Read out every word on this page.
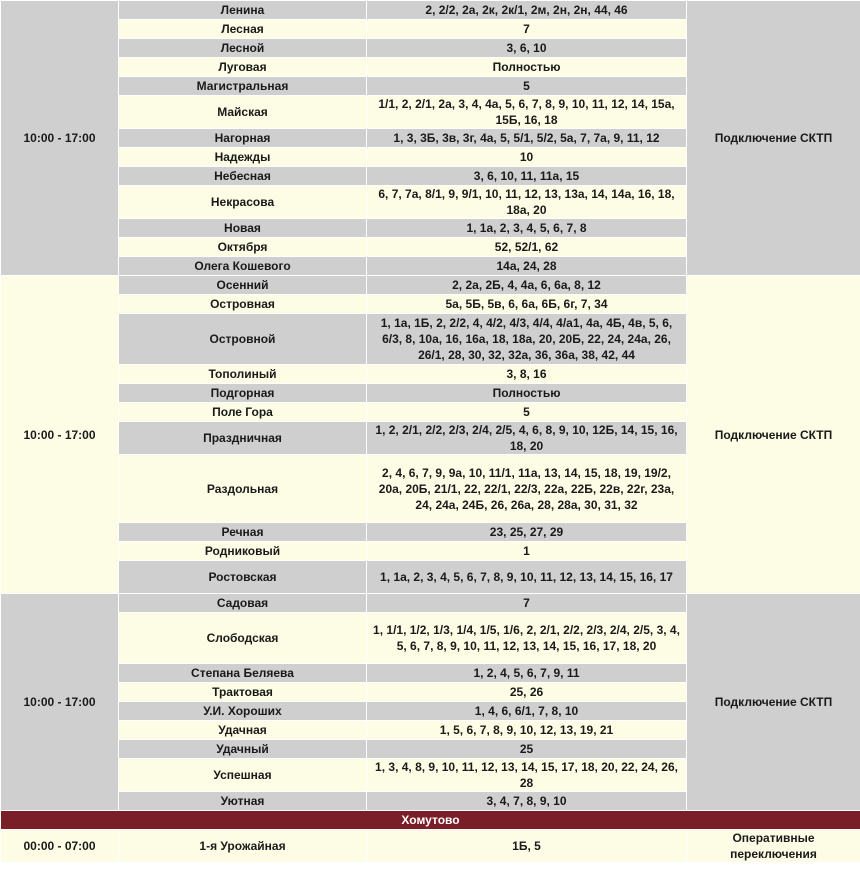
10:00 - 17:00	Ленина	2, 2/2, 2а, 2к, 2к/1, 2м, 2н, 2н, 44, 46	Подключение СКТП
	Лесная	7	
	Лесной	3, 6, 10	
	Луговая	Полностью	
	Магистральная	5	
	Майская	1/1, 2, 2/1, 2а, 3, 4, 4а, 5, 6, 7, 8, 9, 10, 11, 12, 14, 15а, 15Б, 16, 18	
	Нагорная	1, 3, 3Б, 3в, 3г, 4а, 5, 5/1, 5/2, 5а, 7, 7а, 9, 11, 12	
	Надежды	10	
	Небесная	3, 6, 10, 11, 11а, 15	
	Некрасова	6, 7, 7а, 8/1, 9, 9/1, 10, 11, 12, 13, 13а, 14, 14а, 16, 18, 18а, 20	
	Новая	1, 1а, 2, 3, 4, 5, 6, 7, 8	
	Октября	52, 52/1, 62	
	Олега Кошевого	14а, 24, 28	
10:00 - 17:00	Осенний	2, 2а, 2Б, 4, 4а, 6, 6а, 8, 12	Подключение СКТП
	Островная	5а, 5Б, 5в, 6, 6а, 6Б, 6г, 7, 34	
	Островной	1, 1а, 1Б, 2, 2/2, 4, 4/2, 4/3, 4/4, 4/а1, 4а, 4Б, 4в, 5, 6, 6/3, 8, 10а, 16, 16а, 18, 18а, 20, 20Б, 22, 24, 24а, 26, 26/1, 28, 30, 32, 32а, 36, 36а, 38, 42, 44	
	Тополиный	3, 8, 16	
	Подгорная	Полностью	
	Поле Гора	5	
	Праздничная	1, 2, 2/1, 2/2, 2/3, 2/4, 2/5, 4, 6, 8, 9, 10, 12Б, 14, 15, 16, 18, 20	
	Раздольная	2, 4, 6, 7, 9, 9а, 10, 11/1, 11а, 13, 14, 15, 18, 19, 19/2, 20а, 20Б, 21/1, 22, 22/1, 22/3, 22а, 22Б, 22в, 22г, 23а, 24, 24а, 24Б, 26, 26а, 28, 28а, 30, 31, 32	
	Речная	23, 25, 27, 29	
	Родниковый	1	
	Ростовская	1, 1а, 2, 3, 4, 5, 6, 7, 8, 9, 10, 11, 12, 13, 14, 15, 16, 17	
10:00 - 17:00	Садовая	7	Подключение СКТП
	Слободская	1, 1/1, 1/2, 1/3, 1/4, 1/5, 1/6, 2, 2/1, 2/2, 2/3, 2/4, 2/5, 3, 4, 5, 6, 7, 8, 9, 10, 11, 12, 13, 14, 15, 16, 17, 18, 20	
	Степана Беляева	1, 2, 4, 5, 6, 7, 9, 11	
	Трактовая	25, 26	
	У.И. Хороших	1, 4, 6, 6/1, 7, 8, 10	
	Удачная	1, 5, 6, 7, 8, 9, 10, 12, 13, 19, 21	
	Удачный	25	
	Успешная	1, 3, 4, 8, 9, 10, 11, 12, 13, 14, 15, 17, 18, 20, 22, 24, 26, 28	
	Уютная	3, 4, 7, 8, 9, 10	
Хомутово			
00:00 - 07:00	1-я Урожайная	1Б, 5	Оперативные переключения
